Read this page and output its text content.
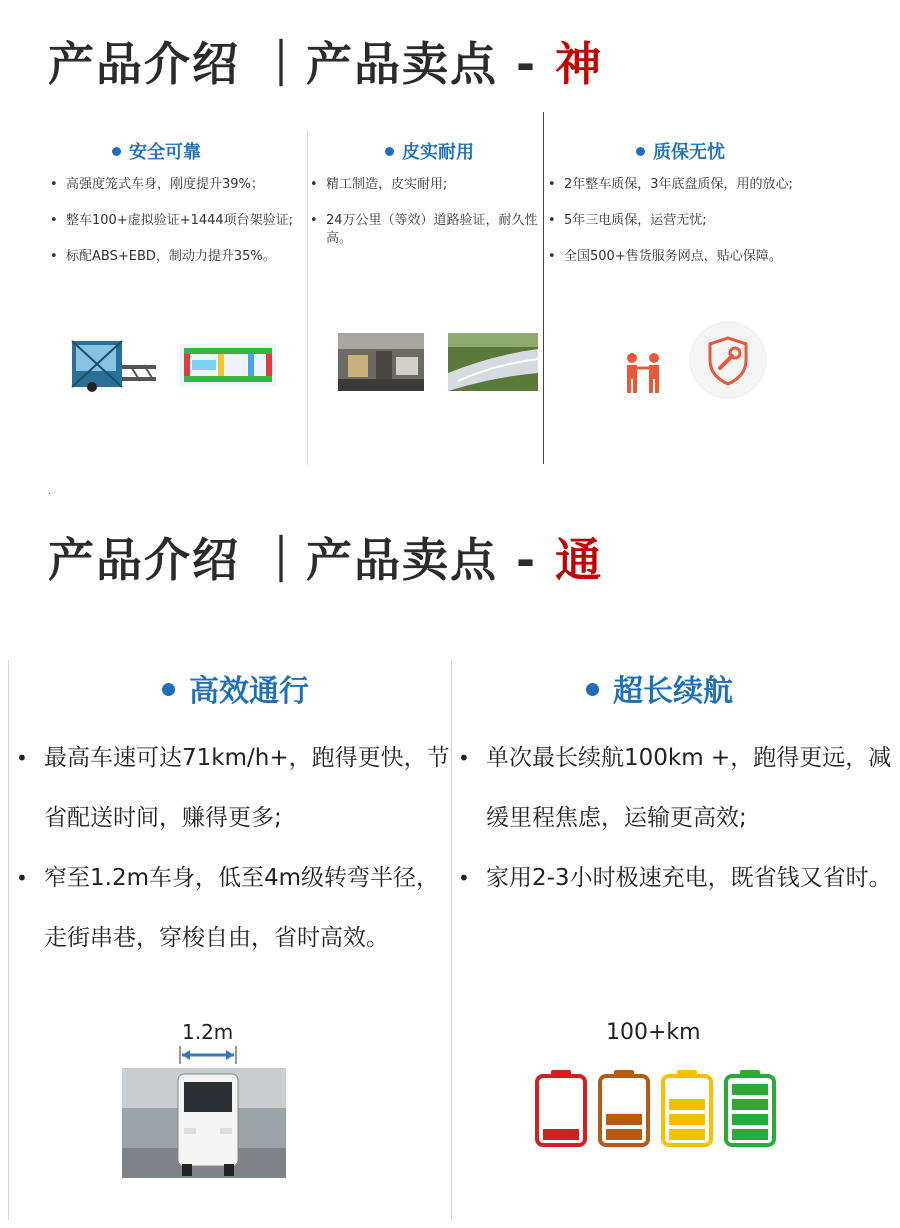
产品介绍 ｜产品卖点 - 神
安全可靠
• 高强度笼式车身，刚度提升39%；
• 整车100+虚拟验证+1444项台架验证;
• 标配ABS+EBD，制动力提升35%。
皮实耐用
• 精工制造，皮实耐用;
• 24万公里（等效）道路验证，耐久性高。
质保无忧
• 2年整车质保，3年底盘质保，用的放心;
• 5年三电质保，运营无忧;
• 全国500+售货服务网点，贴心保障。
.
产品介绍 ｜产品卖点 - 通
高效通行
• 最高车速可达71km/h+，跑得更快，节省配送时间，赚得更多;
• 窄至1.2m车身，低至4m级转弯半径，走街串巷，穿梭自由，省时高效。
1.2m
超长续航
• 单次最长续航100km +，跑得更远，减缓里程焦虑，运输更高效;
• 家用2-3小时极速充电，既省钱又省时。
100+km
